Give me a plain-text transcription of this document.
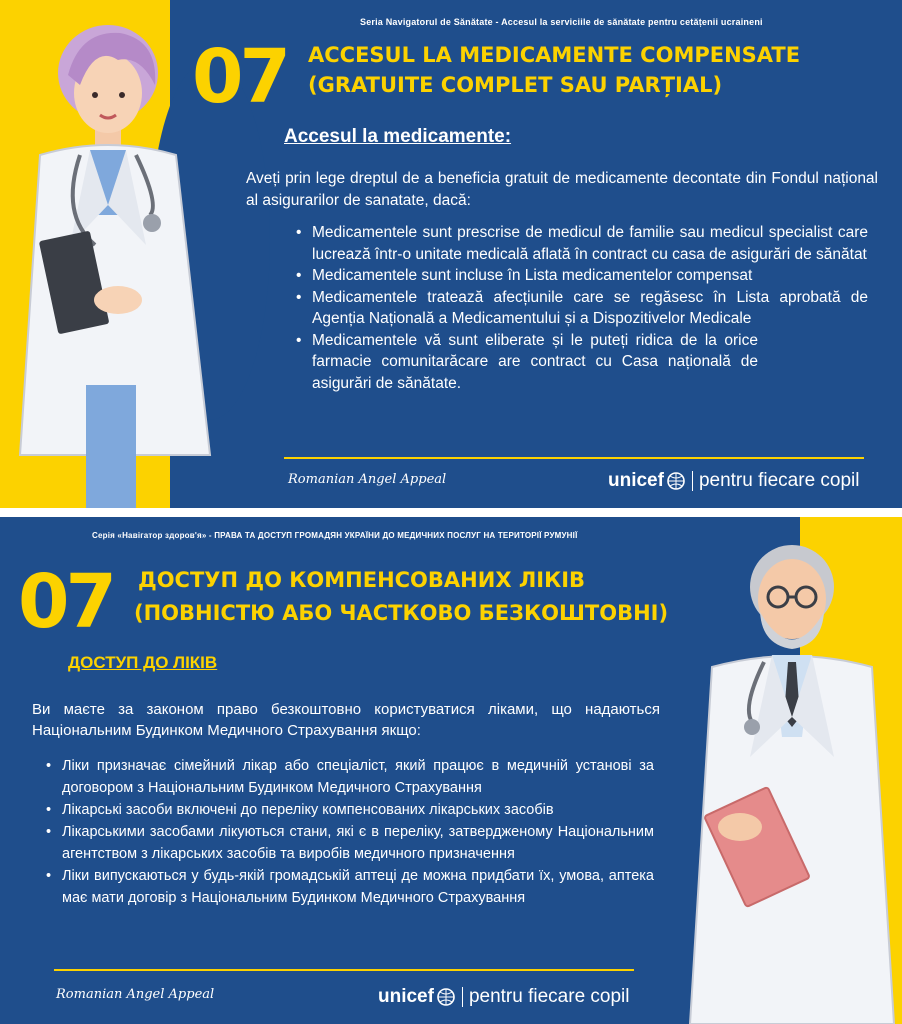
Seria Navigatorul de Sănătate - Accesul la serviciile de sănătate pentru cetățenii ucraineni
07 ACCESUL LA MEDICAMENTE COMPENSATE
(GRATUITE COMPLET SAU PARȚIAL)
Accesul la medicamente:
Aveți prin lege dreptul de a beneficia gratuit de medicamente decontate din Fondul național al asigurarilor de sanatate, dacă:
• Medicamentele sunt prescrise de medicul de familie sau medicul specialist care lucrează într-o unitate medicală aflată în contract cu casa de asigurări de sănătat
• Medicamentele sunt incluse în Lista medicamentelor compensat
• Medicamentele tratează afecțiunile care se regăsesc în Lista aprobată de Agenția Națională a Medicamentului și a Dispozitivelor Medicale
• Medicamentele vă sunt eliberate și le puteți ridica de la orice farmacie comunitarăcare are contract cu Casa națională de asigurări de sănătate.
Romanian Angel Appeal	unicef pentru fiecare copil
Серія «Навігатор здоров'я» - ПРАВА ТА ДОСТУП ГРОМАДЯН УКРАЇНИ ДО МЕДИЧНИХ ПОСЛУГ НА ТЕРИТОРІЇ РУМУНІЇ
07 ДОСТУП ДО КОМПЕНСОВАНИХ ЛІКІВ
(ПОВНІСТЮ АБО ЧАСТКОВО БЕЗКОШТОВНІ)
ДОСТУП ДО ЛІКІВ
Ви маєте за законом право безкоштовно користуватися ліками, що надаються Національним Будинком Медичного Страхування якщо:
• Ліки призначає сімейний лікар або спеціаліст, який працює в медичній установі за договором з Національним Будинком Медичного Страхування
• Лікарські засоби включені до переліку компенсованих лікарських засобів
• Лікарськими засобами лікуються стани, які є в переліку, затвердженому Національним агентством з лікарських засобів та виробів медичного призначення
• Ліки випускаються у будь-якій громадській аптеці де можна придбати їх, умова, аптека має мати договір з Національним Будинком Медичного Страхування
Romanian Angel Appeal	unicef pentru fiecare copil
